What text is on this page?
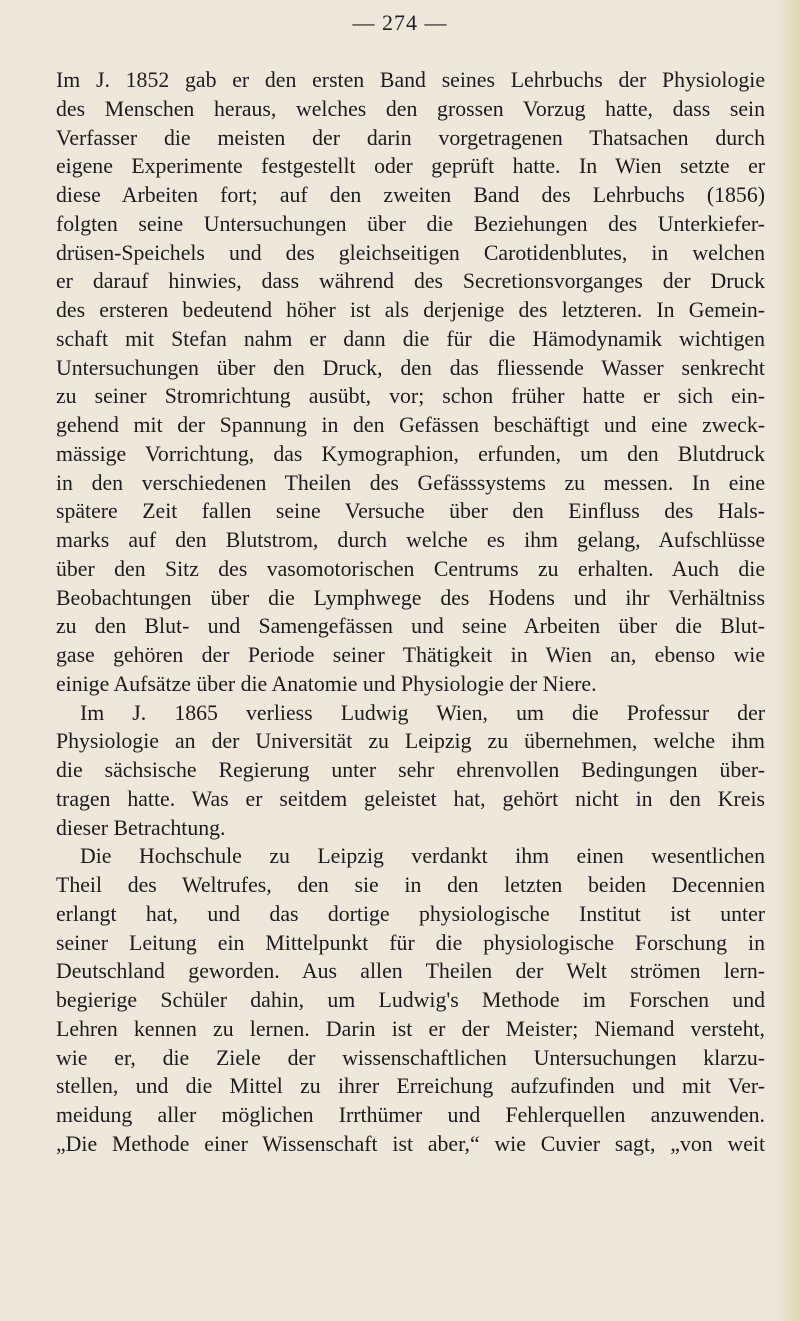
— 274 —
Im J. 1852 gab er den ersten Band seines Lehrbuchs der Physiologie
des Menschen heraus, welches den grossen Vorzug hatte, dass sein
Verfasser die meisten der darin vorgetragenen Thatsachen durch
eigene Experimente festgestellt oder geprüft hatte. In Wien setzte er
diese Arbeiten fort; auf den zweiten Band des Lehrbuchs (1856)
folgten seine Untersuchungen über die Beziehungen des Unterkiefer-
drüsen-Speichels und des gleichseitigen Carotidenblutes, in welchen
er darauf hinwies, dass während des Secretionsvorganges der Druck
des ersteren bedeutend höher ist als derjenige des letzteren. In Gemein-
schaft mit Stefan nahm er dann die für die Hämodynamik wichtigen
Untersuchungen über den Druck, den das fliessende Wasser senkrecht
zu seiner Stromrichtung ausübt, vor; schon früher hatte er sich ein-
gehend mit der Spannung in den Gefässen beschäftigt und eine zweck-
mässige Vorrichtung, das Kymographion, erfunden, um den Blutdruck
in den verschiedenen Theilen des Gefässsystems zu messen. In eine
spätere Zeit fallen seine Versuche über den Einfluss des Hals-
marks auf den Blutstrom, durch welche es ihm gelang, Aufschlüsse
über den Sitz des vasomotorischen Centrums zu erhalten. Auch die
Beobachtungen über die Lymphwege des Hodens und ihr Verhältniss
zu den Blut- und Samengefässen und seine Arbeiten über die Blut-
gase gehören der Periode seiner Thätigkeit in Wien an, ebenso wie
einige Aufsätze über die Anatomie und Physiologie der Niere.
Im J. 1865 verliess Ludwig Wien, um die Professur der
Physiologie an der Universität zu Leipzig zu übernehmen, welche ihm
die sächsische Regierung unter sehr ehrenvollen Bedingungen über-
tragen hatte. Was er seitdem geleistet hat, gehört nicht in den Kreis
dieser Betrachtung.
Die Hochschule zu Leipzig verdankt ihm einen wesentlichen
Theil des Weltrufes, den sie in den letzten beiden Decennien
erlangt hat, und das dortige physiologische Institut ist unter
seiner Leitung ein Mittelpunkt für die physiologische Forschung in
Deutschland geworden. Aus allen Theilen der Welt strömen lern-
begierige Schüler dahin, um Ludwig's Methode im Forschen und
Lehren kennen zu lernen. Darin ist er der Meister; Niemand versteht,
wie er, die Ziele der wissenschaftlichen Untersuchungen klarzu-
stellen, und die Mittel zu ihrer Erreichung aufzufinden und mit Ver-
meidung aller möglichen Irrthümer und Fehlerquellen anzuwenden.
„Die Methode einer Wissenschaft ist aber,“ wie Cuvier sagt, „von weit
